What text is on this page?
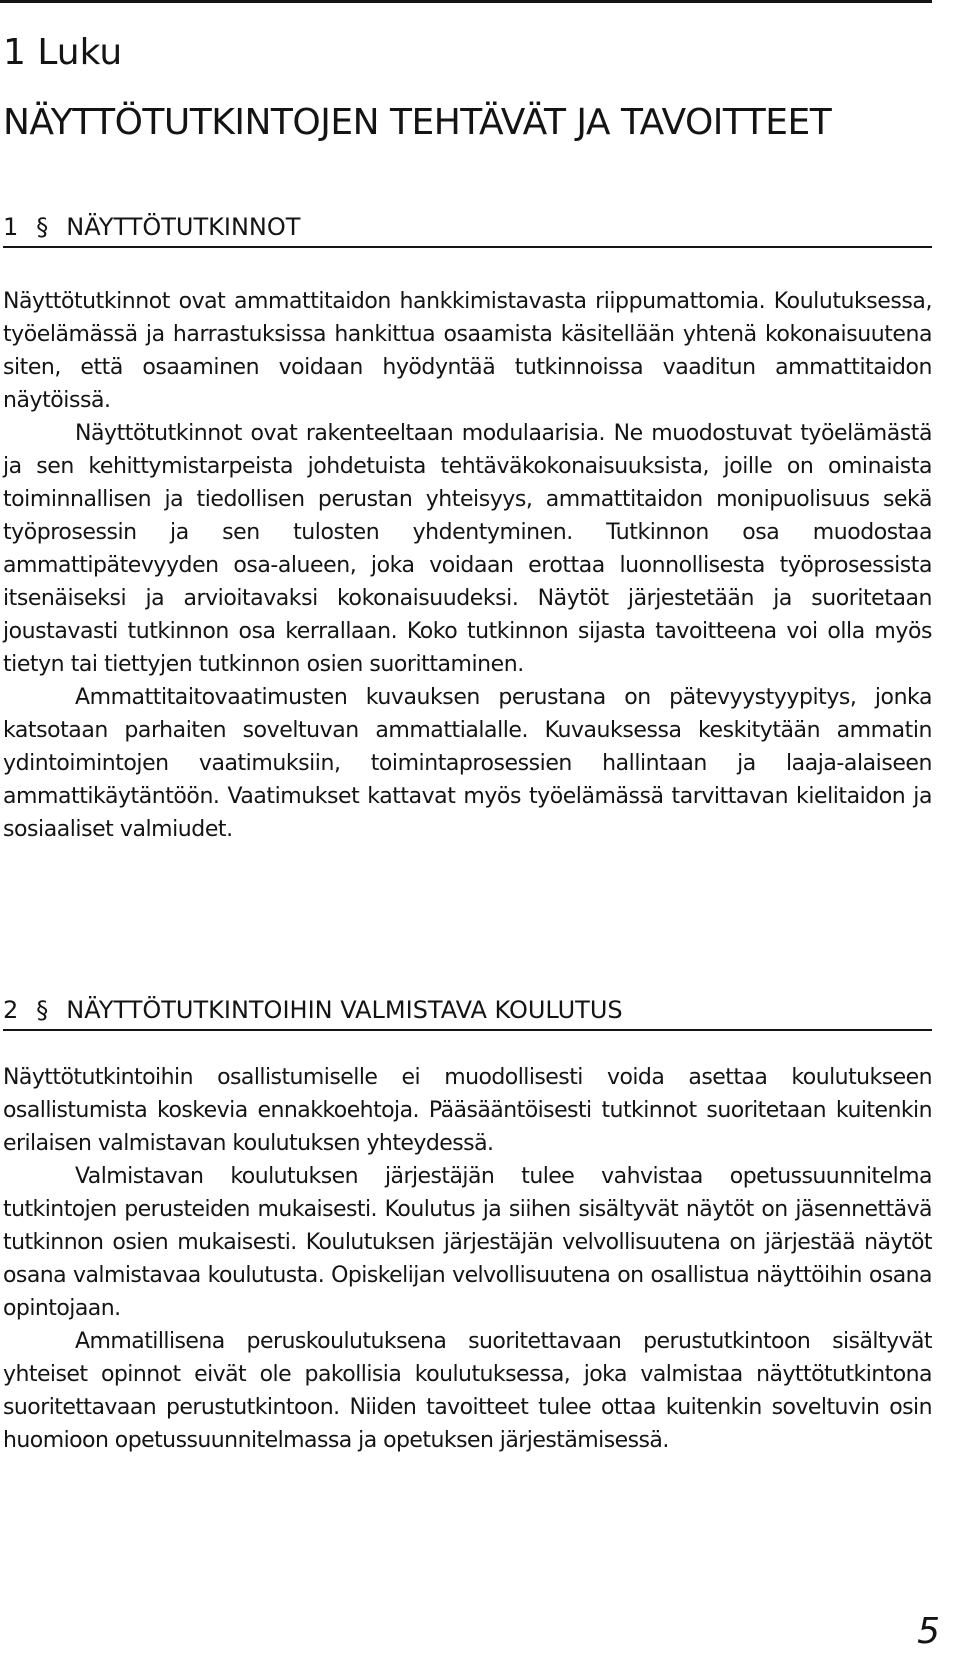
1 Luku
NÄYTTÖTUTKINTOJEN TEHTÄVÄT JA TAVOITTEET
1 § NÄYTTÖTUTKINNOT

Näyttötutkinnot ovat ammattitaidon hankkimistavasta riippumattomia. Koulutuksessa, työelämässä ja harrastuksissa hankittua osaamista käsitellään yhtenä kokonaisuutena siten, että osaaminen voidaan hyödyntää tutkinnoissa vaaditun ammattitaidon näytöissä.

Näyttötutkinnot ovat rakenteeltaan modulaarisia. Ne muodostuvat työelämästä ja sen kehittymistarpeista johdetuista tehtäväkokonaisuuksista, joille on ominaista toiminnallisen ja tiedollisen perustan yhteisyys, ammattitaidon monipuolisuus sekä työprosessin ja sen tulosten yhdentyminen. Tutkinnon osa muodostaa ammattipätevyyden osa-alueen, joka voidaan erottaa luonnollisesta työprosessista itsenäiseksi ja arvioitavaksi kokonaisuudeksi. Näytöt järjestetään ja suoritetaan joustavasti tutkinnon osa kerrallaan. Koko tutkinnon sijasta tavoitteena voi olla myös tietyn tai tiettyjen tutkinnon osien suorittaminen.

Ammattitaitovaatimusten kuvauksen perustana on pätevyystyypitys, jonka katsotaan parhaiten soveltuvan ammattialalle. Kuvauksessa keskitytään ammatin ydintoimintojen vaatimuksiin, toimintaprosessien hallintaan ja laaja-alaiseen ammattikäytäntöön. Vaatimukset kattavat myös työelämässä tarvittavan kielitaidon ja sosiaaliset valmiudet.

2 § NÄYTTÖTUTKINTOIHIN VALMISTAVA KOULUTUS

Näyttötutkintoihin osallistumiselle ei muodollisesti voida asettaa koulutukseen osallistumista koskevia ennakkoehtoja. Pääsääntöisesti tutkinnot suoritetaan kuitenkin erilaisen valmistavan koulutuksen yhteydessä.

Valmistavan koulutuksen järjestäjän tulee vahvistaa opetussuunnitelma tutkintojen perusteiden mukaisesti. Koulutus ja siihen sisältyvät näytöt on jäsennettävä tutkinnon osien mukaisesti. Koulutuksen järjestäjän velvollisuutena on järjestää näytöt osana valmistavaa koulutusta. Opiskelijan velvollisuutena on osallistua näyttöihin osana opintojaan.

Ammatillisena peruskoulutuksena suoritettavaan perustutkintoon sisältyvät yhteiset opinnot eivät ole pakollisia koulutuksessa, joka valmistaa näyttötutkintona suoritettavaan perustutkintoon. Niiden tavoitteet tulee ottaa kuitenkin soveltuvin osin huomioon opetussuunnitelmassa ja opetuksen järjestämisessä.

5
